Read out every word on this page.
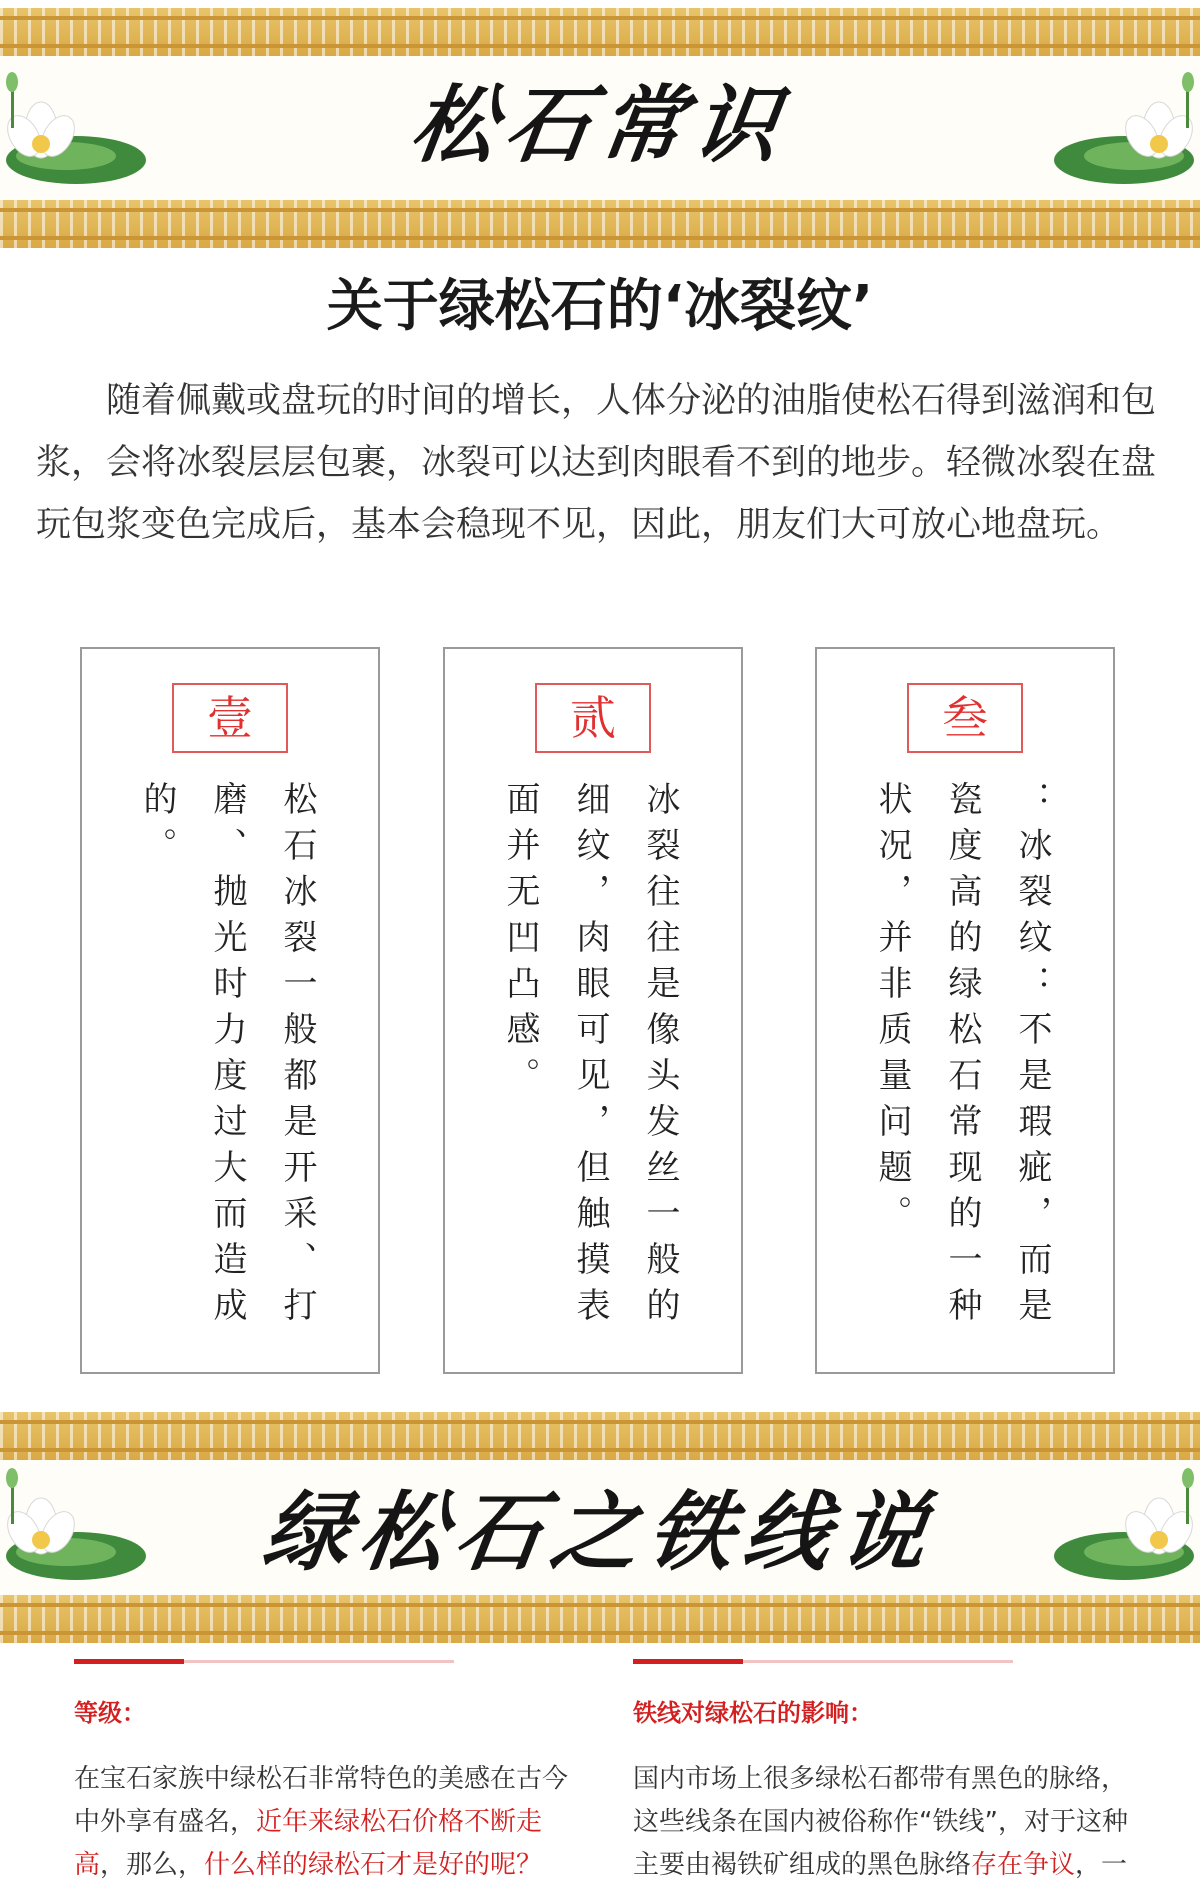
松石常识
关于绿松石的‘冰裂纹’

随着佩戴或盘玩的时间的增长，人体分泌的油脂使松石得到滋润和包浆，会将冰裂层层包裹，冰裂可以达到肉眼看不到的地步。轻微冰裂在盘玩包浆变色完成后，基本会稳现不见，因此，朋友们大可放心地盘玩。

壹
松石冰裂一般都是开采、打磨、抛光时力度过大而造成的。
贰
冰裂往往是像头发丝一般的细纹，肉眼可见，但触摸表面并无凹凸感。
叁
：冰裂纹：不是瑕疵，而是瓷度高的绿松石常现的一种状况，并非质量问题。
绿松石之铁线说
等级：
在宝石家族中绿松石非常特色的美感在古今中外享有盛名，近年来绿松石价格不断走高，那么，什么样的绿松石才是好的呢？
铁线对绿松石的影响：
国内市场上很多绿松石都带有黑色的脉络，这些线条在国内被俗称作“铁线”，对于这种主要由褐铁矿组成的黑色脉络存在争议，一
